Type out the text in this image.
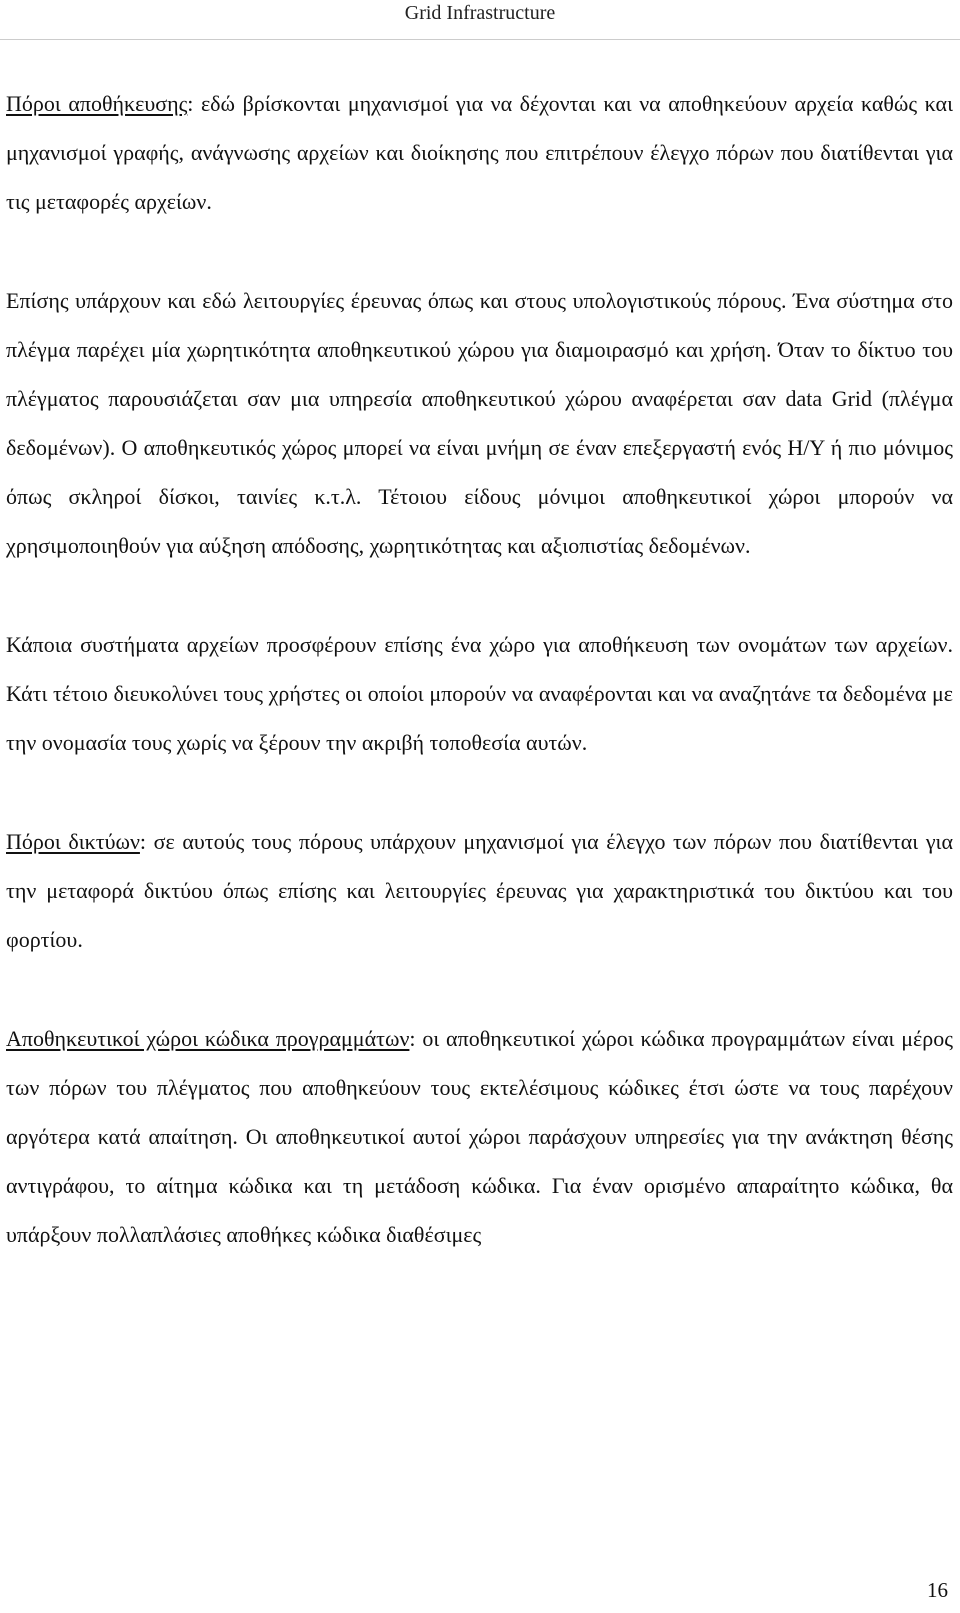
Grid Infrastructure

Πόροι αποθήκευσης: εδώ βρίσκονται μηχανισμοί για να δέχονται και να αποθηκεύουν αρχεία καθώς και μηχανισμοί γραφής, ανάγνωσης αρχείων και διοίκησης που επιτρέπουν έλεγχο πόρων που διατίθενται για τις μεταφορές αρχείων.

Επίσης υπάρχουν και εδώ λειτουργίες έρευνας όπως και στους υπολογιστικούς πόρους. Ένα σύστημα στο πλέγμα παρέχει μία χωρητικότητα αποθηκευτικού χώρου για διαμοιρασμό και χρήση. Όταν το δίκτυο του πλέγματος παρουσιάζεται σαν μια υπηρεσία αποθηκευτικού χώρου αναφέρεται σαν data Grid (πλέγμα δεδομένων). Ο αποθηκευτικός χώρος μπορεί να είναι μνήμη σε έναν επεξεργαστή ενός Η/Υ ή πιο μόνιμος όπως σκληροί δίσκοι, ταινίες κ.τ.λ. Τέτοιου είδους μόνιμοι αποθηκευτικοί χώροι μπορούν να χρησιμοποιηθούν για αύξηση απόδοσης, χωρητικότητας και αξιοπιστίας δεδομένων.

Κάποια συστήματα αρχείων προσφέρουν επίσης ένα χώρο για αποθήκευση των ονομάτων των αρχείων. Κάτι τέτοιο διευκολύνει τους χρήστες οι οποίοι μπορούν να αναφέρονται και να αναζητάνε τα δεδομένα με την ονομασία τους χωρίς να ξέρουν την ακριβή τοποθεσία αυτών.

Πόροι δικτύων: σε αυτούς τους πόρους υπάρχουν μηχανισμοί για έλεγχο των πόρων που διατίθενται για την μεταφορά δικτύου όπως επίσης και λειτουργίες έρευνας για χαρακτηριστικά του δικτύου και του φορτίου.

Αποθηκευτικοί χώροι κώδικα προγραμμάτων: οι αποθηκευτικοί χώροι κώδικα προγραμμάτων είναι μέρος των πόρων του πλέγματος που αποθηκεύουν τους εκτελέσιμους κώδικες έτσι ώστε να τους παρέχουν αργότερα κατά απαίτηση. Οι αποθηκευτικοί αυτοί χώροι παράσχουν υπηρεσίες για την ανάκτηση θέσης αντιγράφου, το αίτημα κώδικα και τη μετάδοση κώδικα. Για έναν ορισμένο απαραίτητο κώδικα, θα υπάρξουν πολλαπλάσιες αποθήκες κώδικα διαθέσιμες

16
